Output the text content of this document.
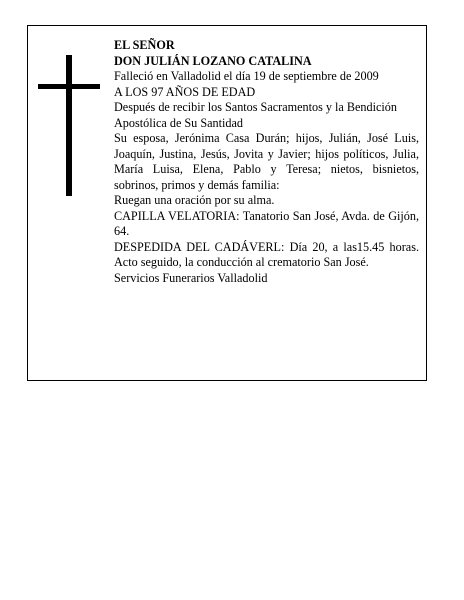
EL SEÑOR

DON JULIÁN LOZANO CATALINA

Falleció en Valladolid el día 19 de septiembre de 2009

A LOS 97 AÑOS DE EDAD

Después de recibir los Santos Sacramentos y la Bendición Apostólica de Su Santidad

Su esposa, Jerónima Casa Durán; hijos, Julián, José Luis, Joaquín, Justina, Jesús, Jovita y Javier; hijos políticos, Julia, María Luisa, Elena, Pablo y Teresa; nietos, bisnietos, sobrinos, primos y demás familia:

Ruegan una oración por su alma.

CAPILLA VELATORIA: Tanatorio San José, Avda. de Gijón, 64.

DESPEDIDA DEL CADÁVERL: Día 20, a las15.45 horas. Acto seguido, la conducción al crematorio San José.

Servicios Funerarios Valladolid
